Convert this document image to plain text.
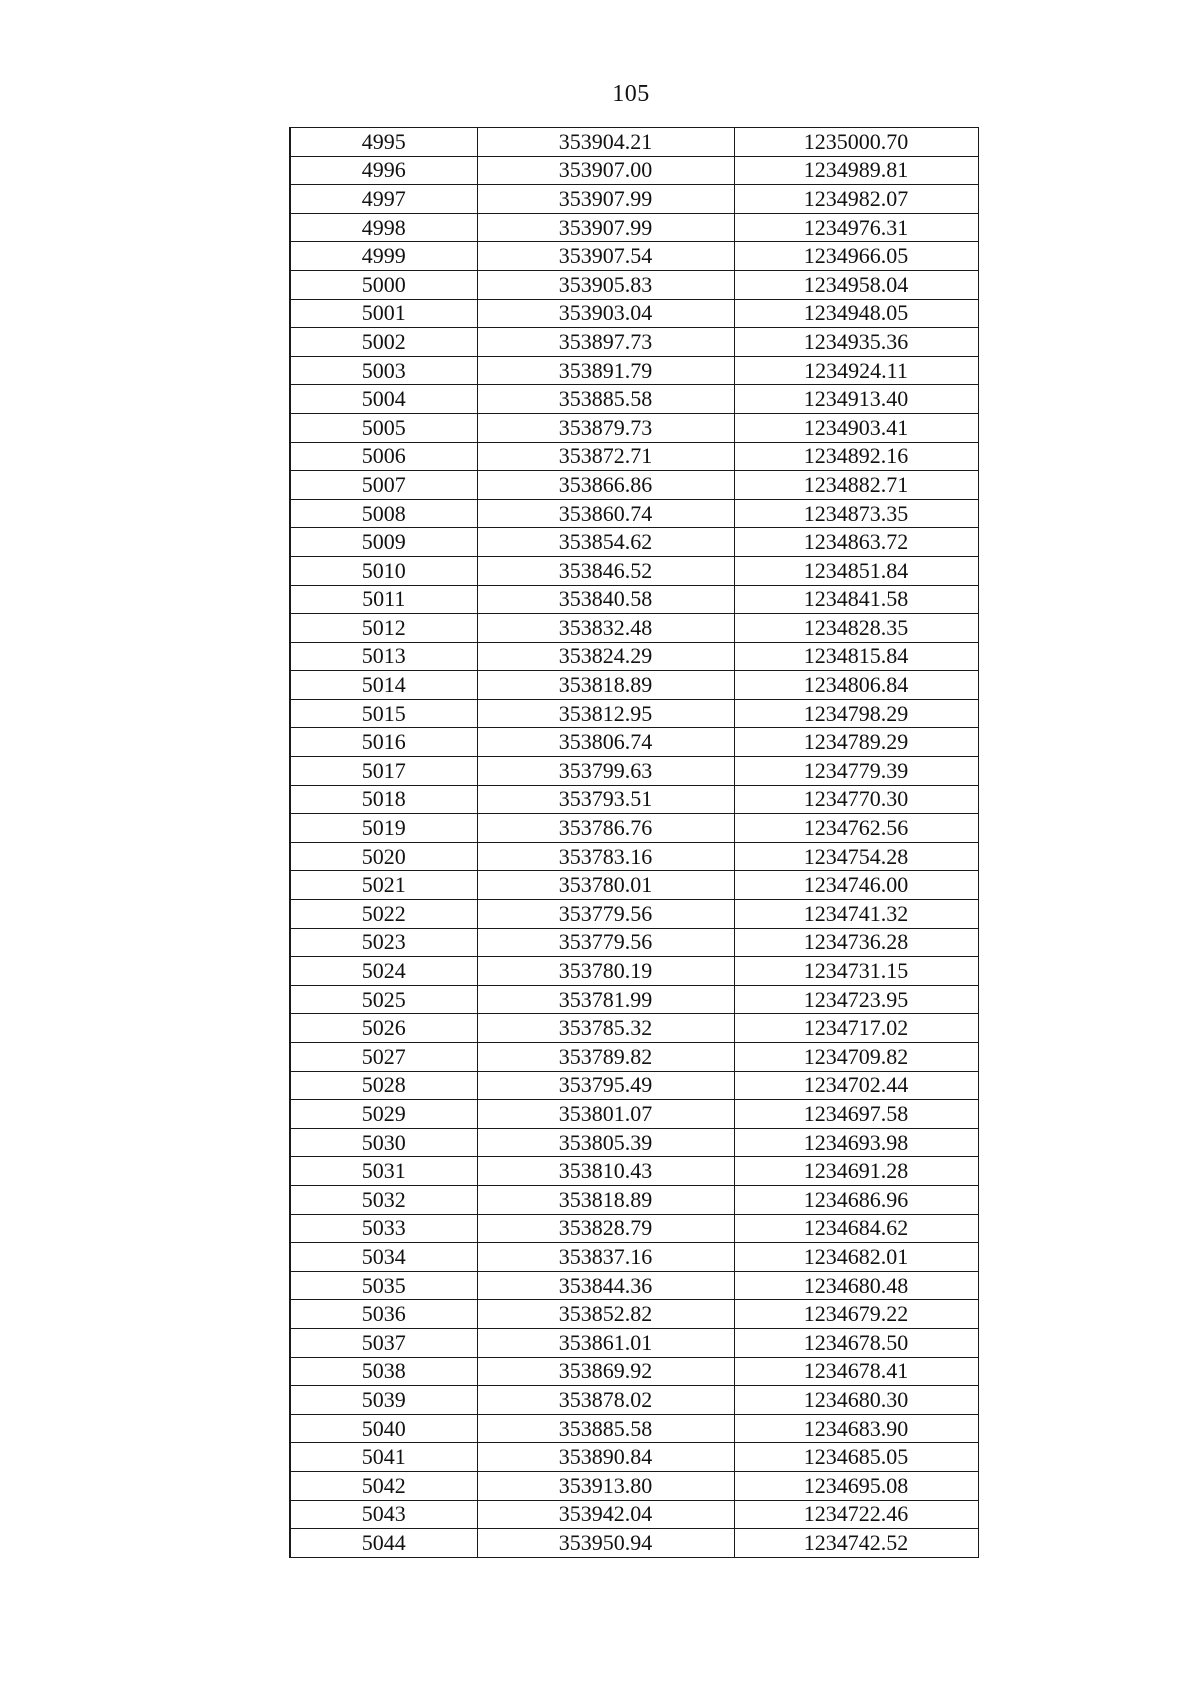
105
4995	353904.21	1235000.70
4996	353907.00	1234989.81
4997	353907.99	1234982.07
4998	353907.99	1234976.31
4999	353907.54	1234966.05
5000	353905.83	1234958.04
5001	353903.04	1234948.05
5002	353897.73	1234935.36
5003	353891.79	1234924.11
5004	353885.58	1234913.40
5005	353879.73	1234903.41
5006	353872.71	1234892.16
5007	353866.86	1234882.71
5008	353860.74	1234873.35
5009	353854.62	1234863.72
5010	353846.52	1234851.84
5011	353840.58	1234841.58
5012	353832.48	1234828.35
5013	353824.29	1234815.84
5014	353818.89	1234806.84
5015	353812.95	1234798.29
5016	353806.74	1234789.29
5017	353799.63	1234779.39
5018	353793.51	1234770.30
5019	353786.76	1234762.56
5020	353783.16	1234754.28
5021	353780.01	1234746.00
5022	353779.56	1234741.32
5023	353779.56	1234736.28
5024	353780.19	1234731.15
5025	353781.99	1234723.95
5026	353785.32	1234717.02
5027	353789.82	1234709.82
5028	353795.49	1234702.44
5029	353801.07	1234697.58
5030	353805.39	1234693.98
5031	353810.43	1234691.28
5032	353818.89	1234686.96
5033	353828.79	1234684.62
5034	353837.16	1234682.01
5035	353844.36	1234680.48
5036	353852.82	1234679.22
5037	353861.01	1234678.50
5038	353869.92	1234678.41
5039	353878.02	1234680.30
5040	353885.58	1234683.90
5041	353890.84	1234685.05
5042	353913.80	1234695.08
5043	353942.04	1234722.46
5044	353950.94	1234742.52
